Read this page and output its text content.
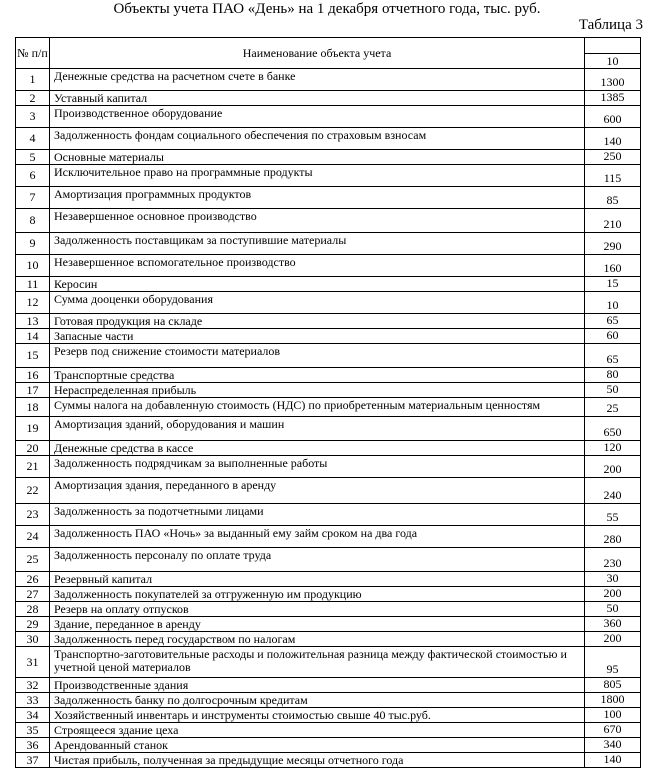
Объекты учета ПАО «День» на 1 декабря отчетного года, тыс. руб.
Таблица 3
№ п/п	Наименование объекта учета	
		10
1	Денежные средства на расчетном счете в банке	1300
2	Уставный капитал	1385
3	Производственное оборудование	600
4	Задолженность фондам социального обеспечения по страховым взносам	140
5	Основные материалы	250
6	Исключительное право на программные продукты	115
7	Амортизация программных продуктов	85
8	Незавершенное основное производство	210
9	Задолженность поставщикам за поступившие материалы	290
10	Незавершенное вспомогательное производство	160
11	Керосин	15
12	Сумма дооценки оборудования	10
13	Готовая продукция на складе	65
14	Запасные части	60
15	Резерв под снижение стоимости материалов	65
16	Транспортные средства	80
17	Нераспределенная прибыль	50
18	Суммы налога на добавленную стоимость (НДС) по приобретенным материальным ценностям	25
19	Амортизация зданий, оборудования и машин	650
20	Денежные средства в кассе	120
21	Задолженность подрядчикам за выполненные работы	200
22	Амортизация здания, переданного в аренду	240
23	Задолженность за подотчетными лицами	55
24	Задолженность ПАО «Ночь» за выданный ему займ сроком на два года	280
25	Задолженность персоналу по оплате труда	230
26	Резервный капитал	30
27	Задолженность покупателей за отгруженную им продукцию	200
28	Резерв на оплату отпусков	50
29	Здание, переданное в аренду	360
30	Задолженность перед государством по налогам	200
31	Транспортно-заготовительные расходы и положительная разница между фактической стоимостью и учетной ценой материалов	95
32	Производственные здания	805
33	Задолженность банку по долгосрочным кредитам	1800
34	Хозяйственный инвентарь и инструменты стоимостью свыше 40 тыс.руб.	100
35	Строящееся здание цеха	670
36	Арендованный станок	340
37	Чистая прибыль, полученная за предыдущие месяцы отчетного года	140
